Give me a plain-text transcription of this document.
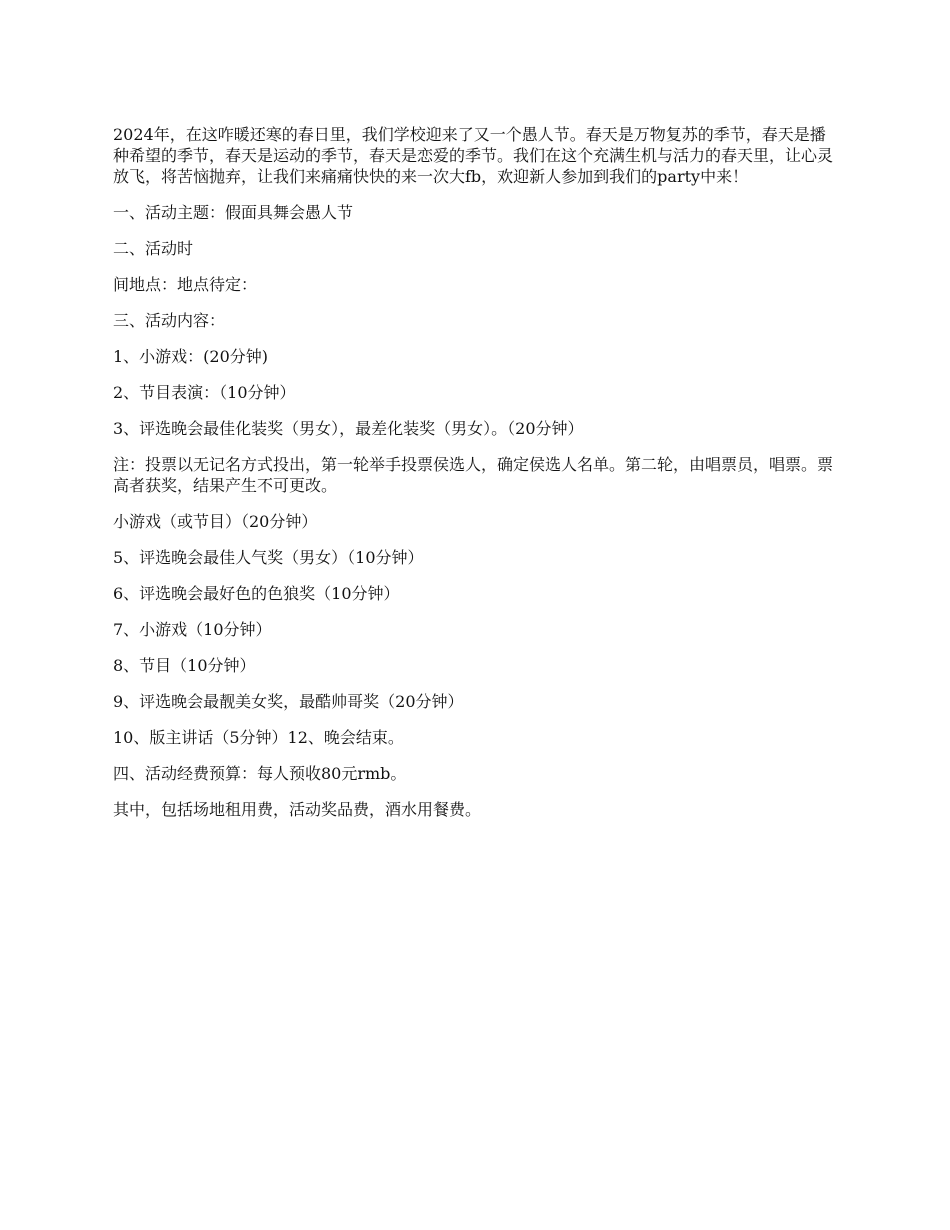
2024年，在这咋暖还寒的春日里，我们学校迎来了又一个愚人节。春天是万物复苏的季节，春天是播种希望的季节，春天是运动的季节，春天是恋爱的季节。我们在这个充满生机与活力的春天里，让心灵放飞，将苦恼抛弃，让我们来痛痛快快的来一次大fb，欢迎新人参加到我们的party中来！

一、活动主题：假面具舞会愚人节

二、活动时

间地点：地点待定：

三、活动内容：

1、小游戏：(20分钟)

2、节目表演：（10分钟）

3、评选晚会最佳化装奖（男女），最差化装奖（男女）。（20分钟）

注：投票以无记名方式投出，第一轮举手投票侯选人，确定侯选人名单。第二轮，由唱票员，唱票。票高者获奖，结果产生不可更改。

小游戏（或节目）（20分钟）

5、评选晚会最佳人气奖（男女）（10分钟）

6、评选晚会最好色的色狼奖（10分钟）

7、小游戏（10分钟）

8、节目（10分钟）

9、评选晚会最靓美女奖，最酷帅哥奖（20分钟）

10、版主讲话（5分钟）12、晚会结束。

四、活动经费预算：每人预收80元rmb。

其中，包括场地租用费，活动奖品费，酒水用餐费。
